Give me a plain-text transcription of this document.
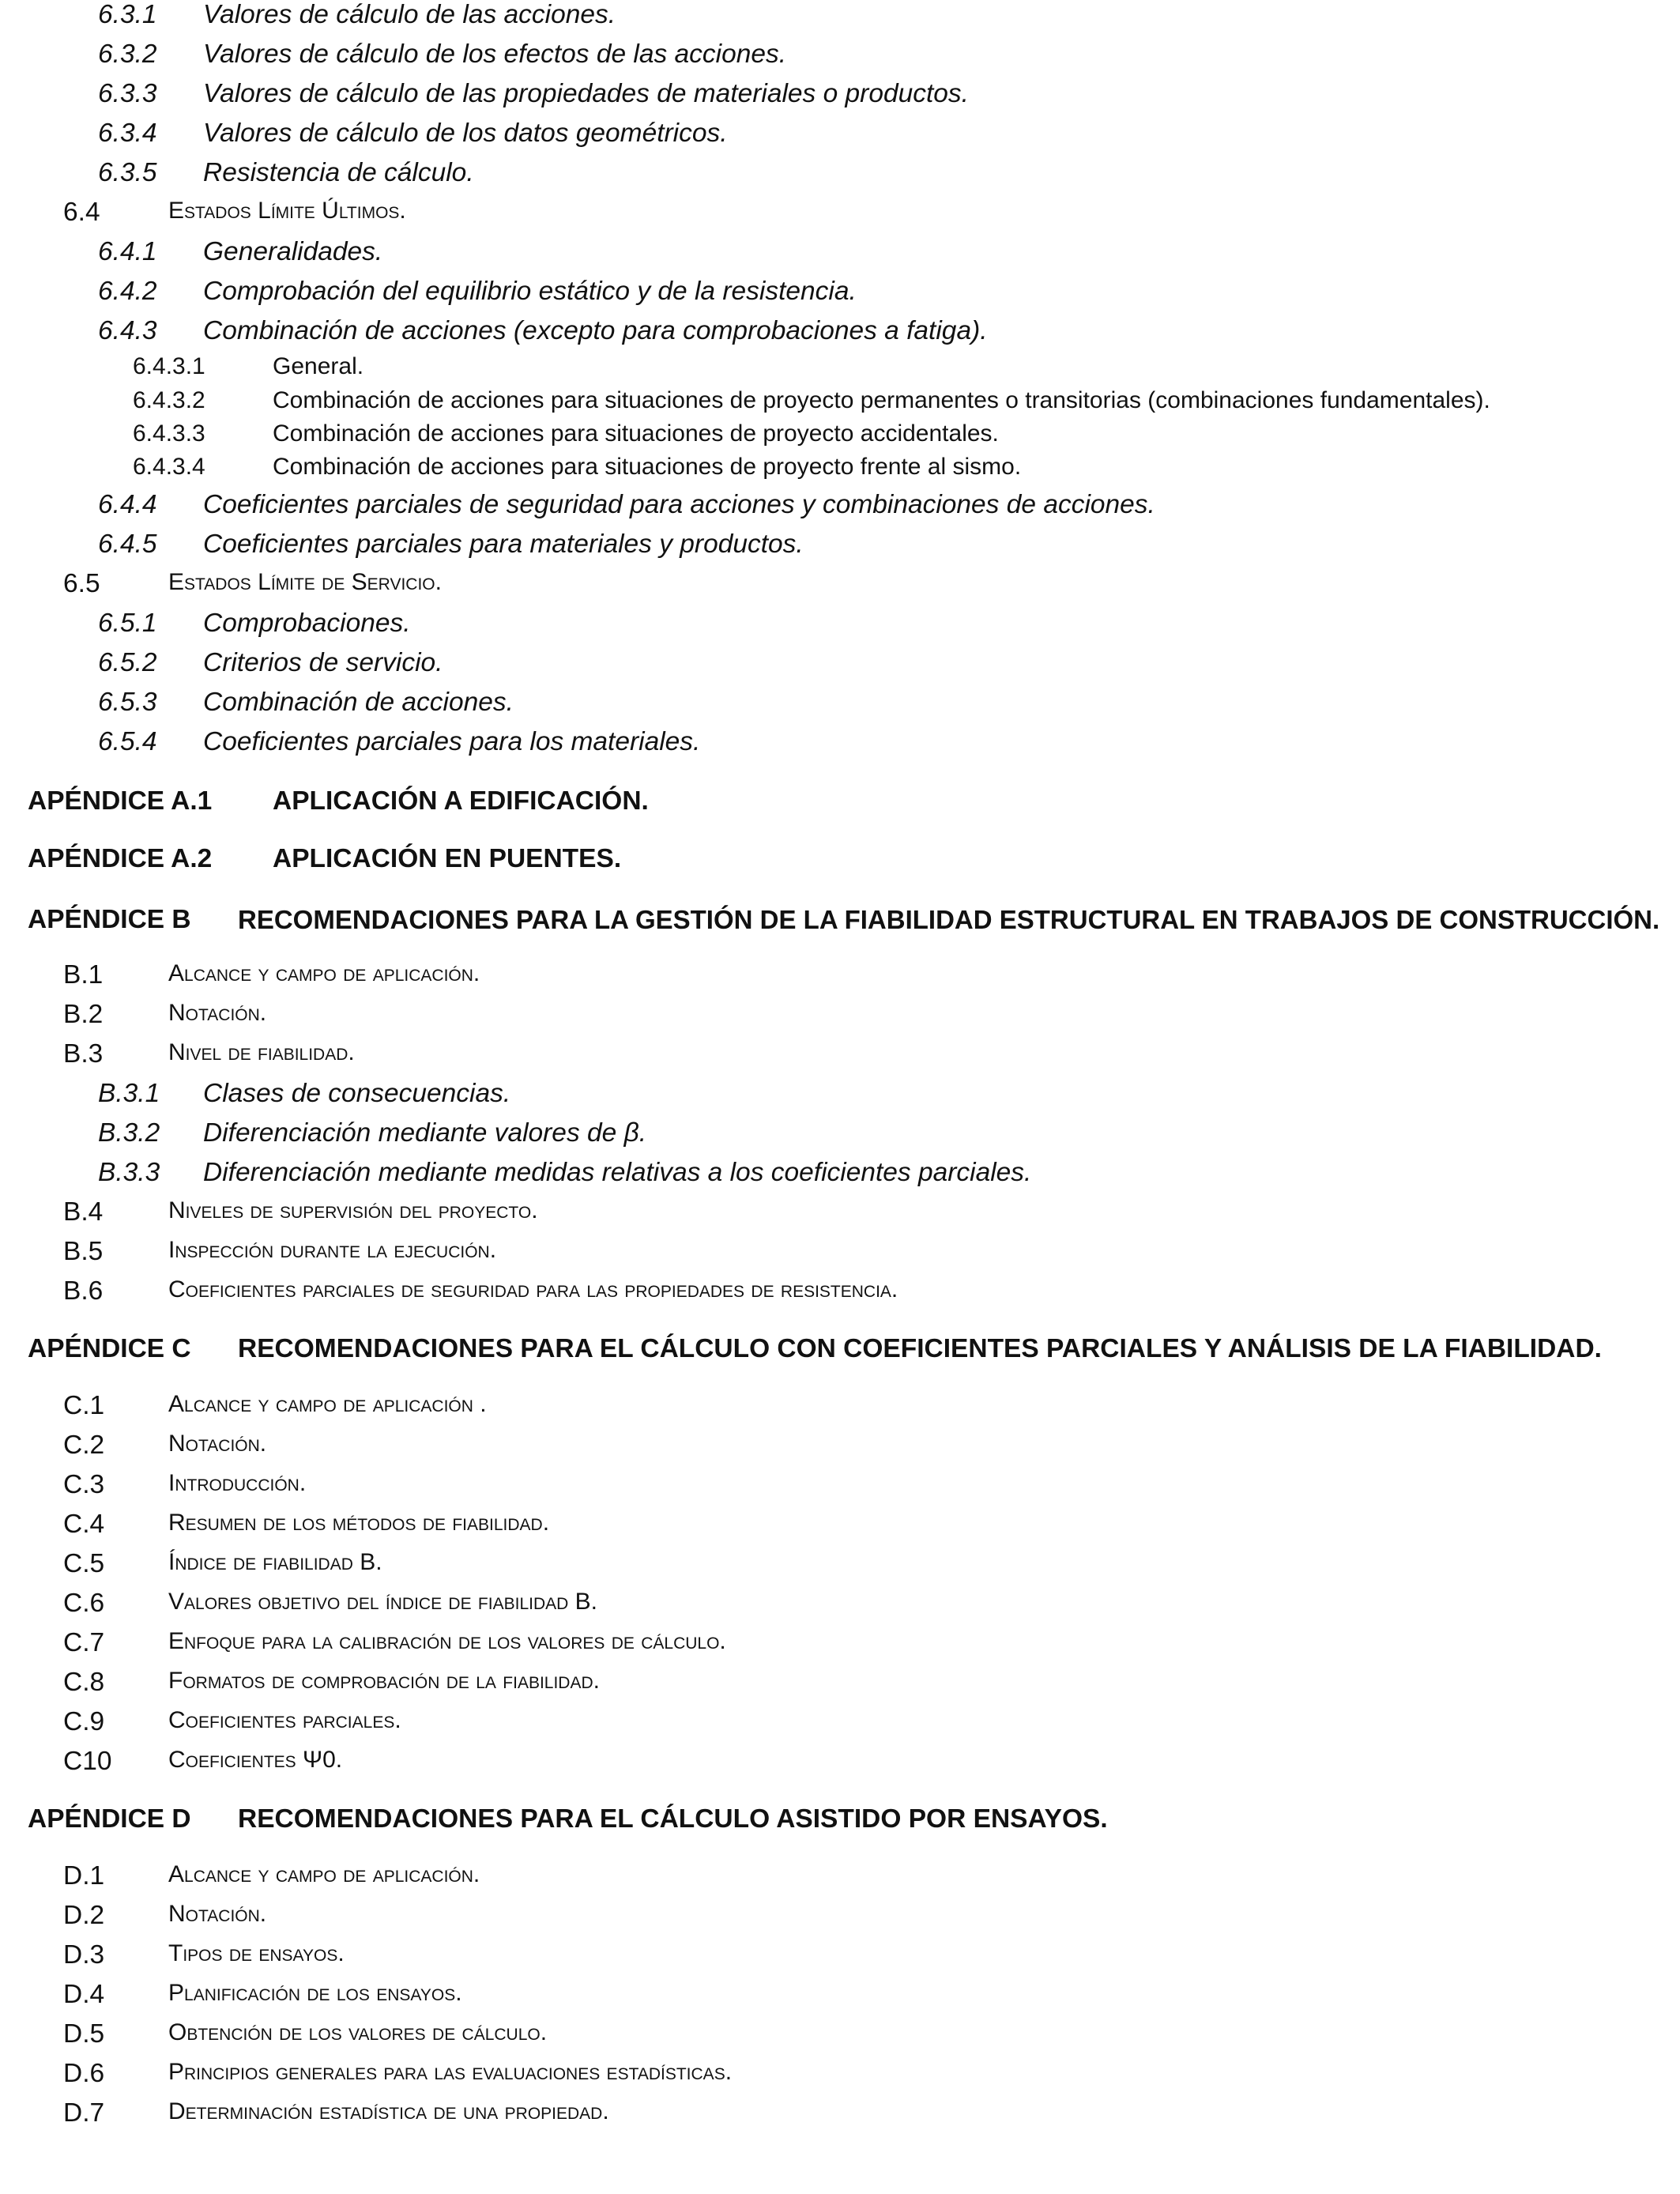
6.3.1 Valores de cálculo de las acciones.
6.3.2 Valores de cálculo de los efectos de las acciones.
6.3.3 Valores de cálculo de las propiedades de materiales o productos.
6.3.4 Valores de cálculo de los datos geométricos.
6.3.5 Resistencia de cálculo.
6.4	Estados Límite Últimos.
6.4.1 Generalidades.
6.4.2 Comprobación del equilibrio estático y de la resistencia.
6.4.3 Combinación de acciones (excepto para comprobaciones a fatiga).
6.4.3.1	General.
6.4.3.2	Combinación de acciones para situaciones de proyecto permanentes o transitorias (combinaciones fundamentales).
6.4.3.3	Combinación de acciones para situaciones de proyecto accidentales.
6.4.3.4	Combinación de acciones para situaciones de proyecto frente al sismo.
6.4.4 Coeficientes parciales de seguridad para acciones y combinaciones de acciones.
6.4.5 Coeficientes parciales para materiales y productos.
6.5	Estados Límite de Servicio.
6.5.1 Comprobaciones.
6.5.2 Criterios de servicio.
6.5.3 Combinación de acciones.
6.5.4 Coeficientes parciales para los materiales.
APÉNDICE A.1 APLICACIÓN A EDIFICACIÓN.
APÉNDICE A.2 APLICACIÓN EN PUENTES.
APÉNDICE B RECOMENDACIONES PARA LA GESTIÓN DE LA FIABILIDAD ESTRUCTURAL EN TRABAJOS DE CONSTRUCCIÓN.
B.1	Alcance y campo de aplicación.
B.2	Notación.
B.3	Nivel de fiabilidad.
B.3.1 Clases de consecuencias.
B.3.2 Diferenciación mediante valores de β.
B.3.3 Diferenciación mediante medidas relativas a los coeficientes parciales.
B.4	Niveles de supervisión del proyecto.
B.5	Inspección durante la ejecución.
B.6	Coeficientes parciales de seguridad para las propiedades de resistencia.
APÉNDICE C RECOMENDACIONES PARA EL CÁLCULO CON COEFICIENTES PARCIALES Y ANÁLISIS DE LA FIABILIDAD.
C.1	Alcance y campo de aplicación .
C.2	Notación.
C.3	Introducción.
C.4	Resumen de los métodos de fiabilidad.
C.5	Índice de fiabilidad B.
C.6	Valores objetivo del índice de fiabilidad B.
C.7	Enfoque para la calibración de los valores de cálculo.
C.8	Formatos de comprobación de la fiabilidad.
C.9	Coeficientes parciales.
C10 Coeficientes Ψ0.
APÉNDICE D RECOMENDACIONES PARA EL CÁLCULO ASISTIDO POR ENSAYOS.
D.1	Alcance y campo de aplicación.
D.2	Notación.
D.3	Tipos de ensayos.
D.4	Planificación de los ensayos.
D.5	Obtención de los valores de cálculo.
D.6	Principios generales para las evaluaciones estadísticas.
D.7	Determinación estadística de una propiedad.
